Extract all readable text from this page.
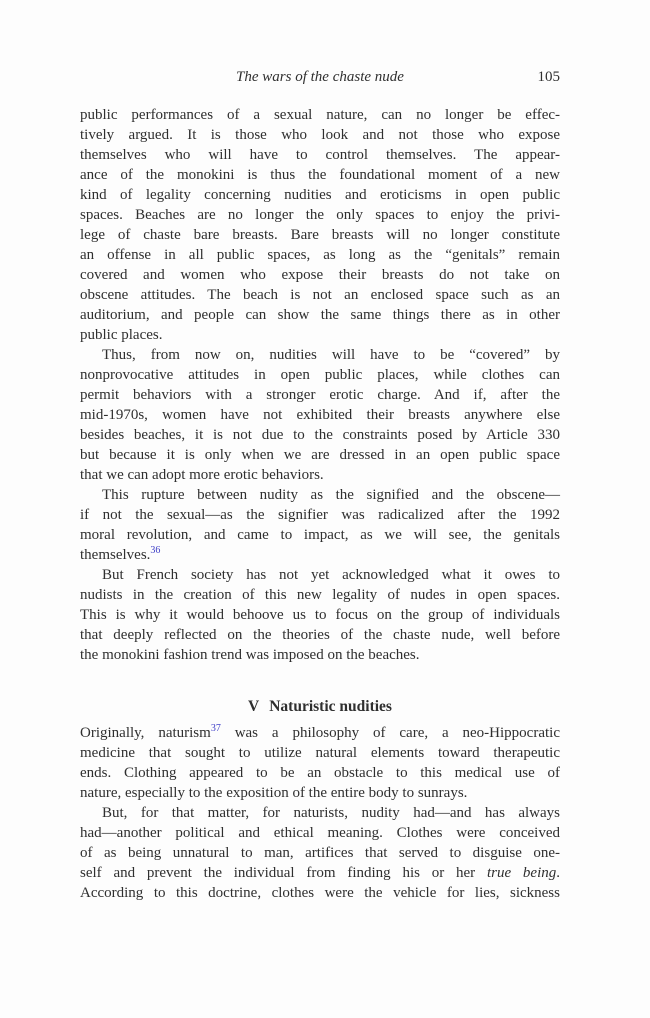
The wars of the chaste nude	105
public performances of a sexual nature, can no longer be effec-
tively argued. It is those who look and not those who expose
themselves who will have to control themselves. The appear-
ance of the monokini is thus the foundational moment of a new
kind of legality concerning nudities and eroticisms in open public
spaces. Beaches are no longer the only spaces to enjoy the privi-
lege of chaste bare breasts. Bare breasts will no longer constitute
an offense in all public spaces, as long as the “genitals” remain
covered and women who expose their breasts do not take on
obscene attitudes. The beach is not an enclosed space such as an
auditorium, and people can show the same things there as in other
public places.
Thus, from now on, nudities will have to be “covered” by
nonprovocative attitudes in open public places, while clothes can
permit behaviors with a stronger erotic charge. And if, after the
mid-1970s, women have not exhibited their breasts anywhere else
besides beaches, it is not due to the constraints posed by Article 330
but because it is only when we are dressed in an open public space
that we can adopt more erotic behaviors.
This rupture between nudity as the signified and the obscene—
if not the sexual—as the signifier was radicalized after the 1992
moral revolution, and came to impact, as we will see, the genitals
themselves.$^{36}$
But French society has not yet acknowledged what it owes to
nudists in the creation of this new legality of nudes in open spaces.
This is why it would behoove us to focus on the group of individuals
that deeply reflected on the theories of the chaste nude, well before
the monokini fashion trend was imposed on the beaches.
V Naturistic nudities
Originally, naturism$^{37}$ was a philosophy of care, a neo-Hippocratic
medicine that sought to utilize natural elements toward therapeutic
ends. Clothing appeared to be an obstacle to this medical use of
nature, especially to the exposition of the entire body to sunrays.
But, for that matter, for naturists, nudity had—and has always
had—another political and ethical meaning. Clothes were conceived
of as being unnatural to man, artifices that served to disguise one-
self and prevent the individual from finding his or her true being.
According to this doctrine, clothes were the vehicle for lies, sickness
